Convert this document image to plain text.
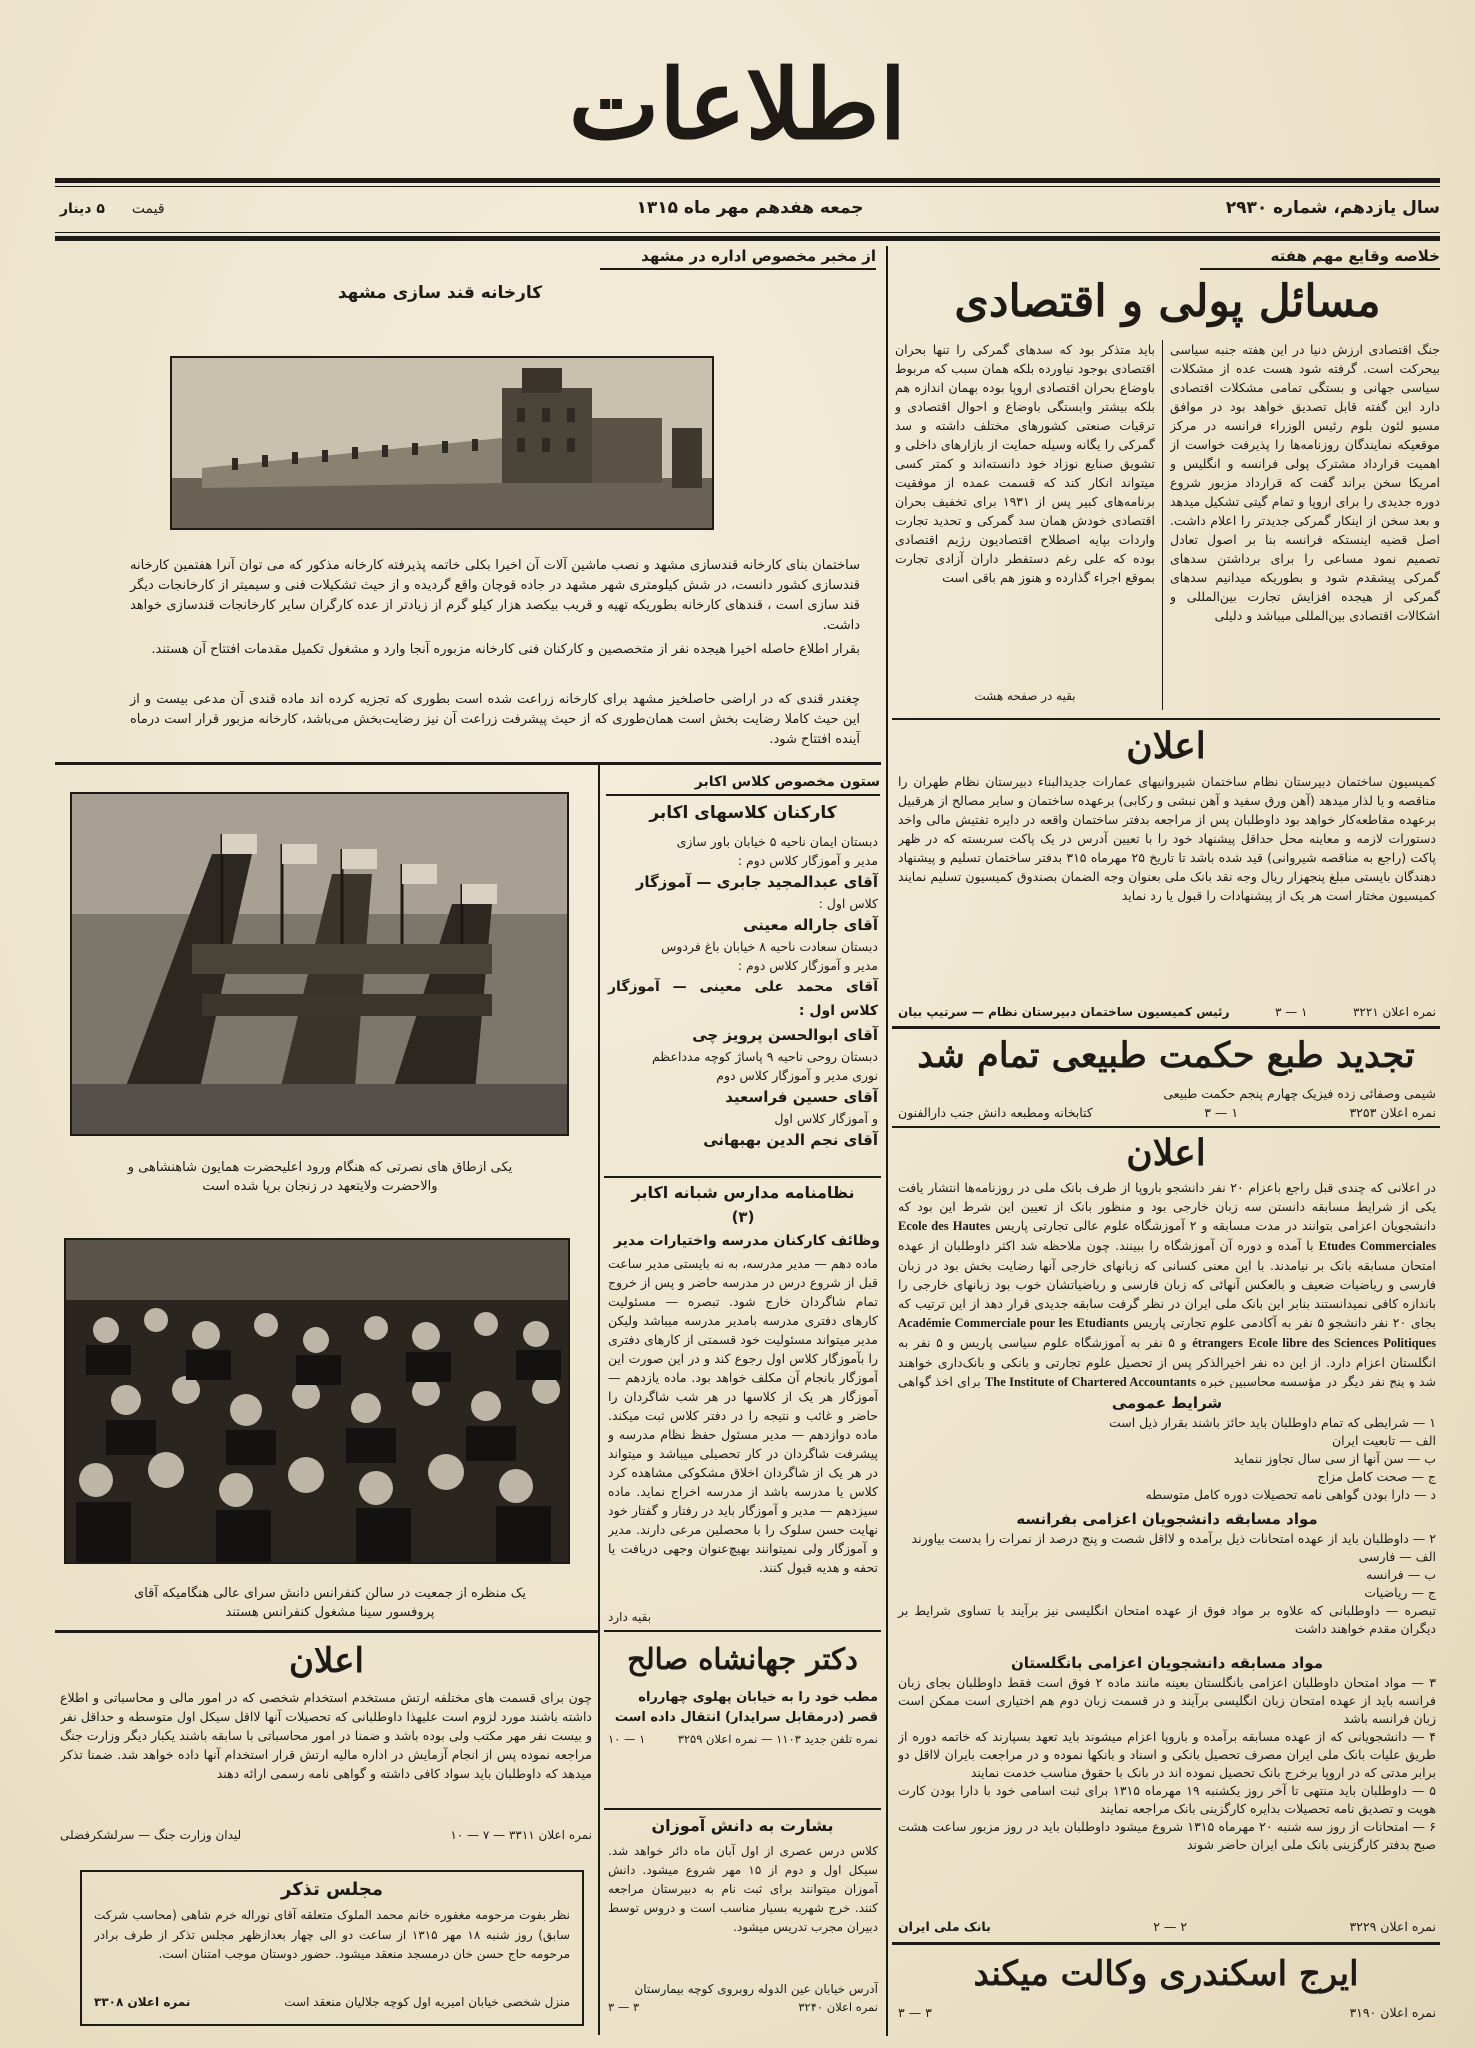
اطلاعات
سال یازدهم، شماره ۲۹۳۰
جمعه هفدهم مهر ماه ۱۳۱۵
قیمت  ۵ دینار
خلاصه وقایع مهم هفته
مسائل پولی و اقتصادی
جنگ اقتصادی ارزش دنیا در این هفته جنبه سیاسی بیحرکت است. گرفته شود هست عده از مشکلات سیاسی جهانی و بستگی تمامی مشکلات اقتصادی دارد این گفته قابل تصدیق خواهد بود در موافق مسیو لئون بلوم رئیس الوزراء فرانسه در مرکز موقعیکه نمایندگان روزنامه‌ها را پذیرفت خواست از اهمیت قرارداد مشترک پولی فرانسه و انگلیس و امریکا سخن براند گفت که قرارداد مزبور شروع دوره جدیدی را برای اروپا و تمام گیتی تشکیل میدهد و بعد سخن از اینکار گمرکی جدیدتر را اعلام داشت. اصل قضیه اینستکه فرانسه بنا بر اصول تعادل تصمیم نمود مساعی را برای برداشتن سدهای گمرکی پیشقدم شود و بطوریکه میدانیم سدهای گمرکی از هیجده افزایش تجارت بین‌المللی و اشکالات اقتصادی بین‌المللی میباشد و دلیلی
باید متذکر بود که سدهای گمرکی را تنها بحران اقتصادی بوجود نیاورده بلکه همان سبب که مربوط باوضاع بحران اقتصادی اروپا بوده بهمان اندازه هم بلکه بیشتر وابستگی باوضاع و احوال اقتصادی و ترقیات صنعتی کشورهای مختلف داشته و سد گمرکی را یگانه وسیله حمایت از بازارهای داخلی و تشویق صنایع نوزاد خود دانسته‌اند و کمتر کسی میتواند انکار کند که قسمت عمده از موفقیت برنامه‌های کبیر پس از ۱۹۳۱ برای تخفیف بحران اقتصادی خودش همان سد گمرکی و تحدید تجارت واردات بپایه اصطلاح اقتصادیون رژیم اقتصادی بوده که علی رغم دستفطر داران آزادی تجارت بموقع اجراء گذارده و هنوز هم باقی است
بقیه در صفحه هشت
اعلان
کمیسیون ساختمان دبیرستان نظام ساختمان شیروانیهای عمارات جدیدالبناء دبیرستان نظام طهران را مناقصه و یا لذار میدهد (آهن ورق سفید و آهن نبشی و رکابی) برعهده ساختمان و سایر مصالح از هرقبیل برعهده مقاطعه‌کار خواهد بود داوطلبان پس از مراجعه بدفتر ساختمان واقعه در دایره تفتیش مالی واخد دستورات لازمه و معاینه محل حداقل پیشنهاد خود را با تعیین آدرس در یک پاکت سربسته که در ظهر پاکت (راجع به مناقصه شیروانی) قید شده باشد تا تاریخ ۲۵ مهرماه ۳۱۵ بدفتر ساختمان تسلیم و پیشنهاد دهندگان بایستی مبلغ پنجهزار ریال وجه نقد بانک ملی بعنوان وجه الضمان بصندوق کمیسیون تسلیم نمایند کمیسیون مختار است هر یک از پیشنهادات را قبول یا رد نماید
نمره اعلان ۳۲۲۱
۱ — ۳
رئیس کمیسیون ساختمان دبیرستان نظام — سرتیپ بیان
تجدید طبع حکمت طبیعی تمام شد
شیمی وصفائی زده فیزیک چهارم پنجم حکمت طبیعی
نمره اعلان ۳۲۵۳
۱ — ۳
کتابخانه ومطبعه دانش جنب دارالفنون
اعلان
در اعلانی که چندی قبل راجع باعزام ۲۰ نفر دانشجو باروپا از طرف بانک ملی در روزنامه‌ها انتشار یافت یکی از شرایط مسابقه دانستن سه زبان خارجی بود و منظور بانک از تعیین این شرط این بود که دانشجویان اعزامی بتوانند در مدت مسابقه و ۲ آموزشگاه علوم عالی تجارتی پاریس Ecole des Hautes Etudes Commerciales با آمده و دوره آن آموزشگاه را ببینند. چون ملاحظه شد اکثر داوطلبان از عهده امتحان مسابقه بانک بر نیامدند. با این معنی کسانی که زبانهای خارجی آنها رضایت بخش بود در زبان فارسی و ریاضیات ضعیف و بالعکس آنهائی که زبان فارسی و ریاضیاتشان خوب بود زبانهای خارجی را باندازه کافی نمیدانستند بنابر این بانک ملی ایران در نظر گرفت سابقه جدیدی قرار دهد از این ترتیب که بجای ۲۰ نفر دانشجو ۵ نفر به آکادمی علوم تجارتی پاریس Académie Commerciale pour les Etudiants étrangers Ecole libre des Sciences Politiques و ۵ نفر به آموزشگاه علوم سیاسی پاریس و ۵ نفر به انگلستان اعزام دارد. از این ده نفر اخیرالذکر پس از تحصیل علوم تجارتی و بانکی و بانک‌داری خواهند شد و پنج نفر دیگر در مؤسسه محاسبین خبره The Institute of Chartered Accountants برای اخذ گواهی
شرایط عمومی

۱ — شرایطی که تمام داوطلبان باید حائز باشند بقرار ذیل است

الف — تابعیت ایران

ب — سن آنها از سی سال تجاوز ننماید

ج — صحت کامل مزاج

د — دارا بودن گواهی نامه تحصیلات دوره کامل متوسطه

مواد مسابقه دانشجویان اعزامی بفرانسه

۲ — داوطلبان باید از عهده امتحانات ذیل برآمده و لااقل شصت و پنج درصد از نمرات را بدست بیاورند

الف — فارسی

ب — فرانسه

ج — ریاضیات

تبصره — داوطلبانی که علاوه بر مواد فوق از عهده امتحان انگلیسی نیز برآیند با تساوی شرایط بر دیگران مقدم خواهند داشت

مواد مسابقه دانشجویان اعزامی بانگلستان

۳ — مواد امتحان داوطلبان اعزامی بانگلستان بعینه مانند ماده ۲ فوق است فقط داوطلبان بجای زبان فرانسه باید از عهده امتحان زبان انگلیسی برآیند و در قسمت زبان دوم هم اختیاری است ممکن است زبان فرانسه باشد

۴ — دانشجویانی که از عهده مسابقه برآمده و باروپا اعزام میشوند باید تعهد بسپارند که خاتمه دوره از طریق علیات بانک ملی ایران مصرف تحصیل بانکی و اسناد و بانکها نموده و در مراجعت بایران لااقل دو برابر مدتی که در اروپا برخرج بانک تحصیل نموده اند در بانک با حقوق مناسب خدمت نمایند

۵ — داوطلبان باید منتهی تا آخر روز یکشنبه ۱۹ مهرماه ۱۳۱۵ برای ثبت اسامی خود با دارا بودن کارت هویت و تصدیق نامه تحصیلات بدایره کارگزینی بانک مراجعه نمایند

۶ — امتحانات از روز سه شنبه ۲۰ مهرماه ۱۳۱۵ شروع میشود داوطلبان باید در روز مزبور ساعت هشت صبح بدفتر کارگزینی بانک ملی ایران حاضر شوند

نمره اعلان ۳۲۲۹
۲ — ۲
بانک ملی ایران
ایرج اسکندری وکالت میکند
نمره اعلان ۳۱۹۰
۳ — ۳
از مخبر مخصوص اداره در مشهد
کارخانه قند سازی مشهد
ساختمان بنای کارخانه قندسازی مشهد و نصب ماشین آلات آن اخیرا بکلی خاتمه پذیرفته کارخانه مذکور که می توان آنرا هفتمین کارخانه قندسازی کشور دانست، در شش کیلومتری شهر مشهد در جاده قوچان واقع گردیده و از حیث تشکیلات فنی و سیمیتر از کارخانجات دیگر قند سازی است ، قندهای کارخانه بطوریکه تهیه و قریب بیکصد هزار کیلو گرم از زیادتر از عده کارگران سایر کارخانجات قندسازی خواهد داشت.
بقرار اطلاع حاصله اخیرا هیجده نفر از متخصصین و کارکنان فنی کارخانه مزبوره آنجا وارد و مشغول تکمیل مقدمات افتتاح آن هستند.
چغندر قندی که در اراضی حاصلخیز مشهد برای کارخانه زراعت شده است بطوری که تجزیه کرده اند ماده قندی آن مدعی بیست و از این حیث کاملا رضایت بخش است همان‌طوری که از حیث پیشرفت زراعت آن نیز رضایت‌بخش می‌باشد، کارخانه مزبور قرار است درماه آینده افتتاح شود.
ستون مخصوص کلاس اکابر
کارکنان کلاسهای اکابر

دبستان ایمان ناحیه ۵ خیابان باور سازی

مدیر و آموزگار کلاس دوم :

آقای عبدالمجید جابری — آموزگار

کلاس اول :

آقای جاراله معینی

دبستان سعادت ناحیه ۸ خیابان باغ فردوس

مدیر و آموزگار کلاس دوم :

آقای محمد علی معینی — آموزگار کلاس اول :

آقای ابوالحسن پرویز چی

دبستان روحی ناحیه ۹ پاساژ کوچه مدداعظم

نوری مدیر و آموزگار کلاس دوم

آقای حسین فراسعید

و آموزگار کلاس اول

آقای نجم الدین بهبهانی

نظامنامه مدارس شبانه اکابر
(۳)
وظائف کارکنان مدرسه واختیارات مدیر
ماده دهم — مدیر مدرسه، به نه بایستی مدیر ساعت قبل از شروع درس در مدرسه حاضر و پس از خروج تمام شاگردان خارج شود. تبصره — مسئولیت کارهای دفتری مدرسه بامدیر مدرسه میباشد ولیکن مدیر میتواند مسئولیت خود قسمتی از کارهای دفتری را بآموزگار کلاس اول رجوع کند و در این صورت این آموزگار بانجام آن مکلف خواهد بود. ماده یازدهم — آموزگار هر یک از کلاسها در هر شب شاگردان را حاضر و غائب و نتیجه را در دفتر کلاس ثبت میکند. ماده دوازدهم — مدیر مسئول حفظ نظام مدرسه و پیشرفت شاگردان در کار تحصیلی میباشد و میتواند در هر یک از شاگردان اخلاق مشکوکی مشاهده کرد کلاس یا مدرسه باشد از مدرسه اخراج نماید. ماده سیزدهم — مدیر و آموزگار باید در رفتار و گفتار خود نهایت حسن سلوک را با محصلین مرعی دارند. مدیر و آموزگار ولی نمیتوانند بهیچ‌عنوان وجهی دریافت یا تحفه و هدیه قبول کنند.
بقیه دارد
یکی ازطاق های نصرتی که هنگام ورود اعلیحضرت همایون شاهنشاهی و والاحضرت ولایتعهد در زنجان برپا شده است
یک منظره از جمعیت در سالن کنفرانس دانش سرای عالی هنگامیکه آقای پروفسور سینا مشغول کنفرانس هستند
اعلان
چون برای قسمت های مختلفه ارتش مستخدم استخدام شخصی که در امور مالی و محاسباتی و اطلاع داشته باشند مورد لزوم است علیهذا داوطلبانی که تحصیلات آنها لااقل سیکل اول متوسطه و حداقل نفر و بیست نفر مهر مکتب ولی بوده باشد و ضمنا در امور محاسباتی با سابقه باشند یکبار دیگر وزارت جنگ مراجعه نموده پس از انجام آزمایش در اداره مالیه ارتش قرار استخدام آنها داده خواهد شد. ضمنا تذکر میدهد که داوطلبان باید سواد کافی داشته و گواهی نامه رسمی ارائه دهند
نمره اعلان ۳۳۱۱ — ۷ — ۱۰
لیدان وزارت جنگ — سرلشکرفضلی
دکتر جهانشاه صالح
مطب خود را به خیابان پهلوی چهارراه
قصر (درمقابل سرایدار) انتقال داده است
نمره تلفن جدید ۱۱۰۳ — نمره اعلان ۳۲۵۹
۱ — ۱۰
بشارت به دانش آموزان
کلاس درس عصری از اول آبان ماه دائر خواهد شد. سیکل اول و دوم از ۱۵ مهر شروع میشود. دانش آموزان میتوانند برای ثبت نام به دبیرستان مراجعه کنند. خرج شهریه بسیار مناسب است و دروس توسط دبیران مجرب تدریس میشود.
آدرس خیابان عین الدوله روبروی کوچه بیمارستان
نمره اعلان ۳۲۴۰
۳ — ۳
مجلس تذکر
نظر بفوت مرحومه مغفوره خانم محمد الملوک متعلقه آقای نوراله خرم شاهی (محاسب شرکت سابق) روز شنبه ۱۸ مهر ۱۳۱۵ از ساعت دو الی چهار بعدازظهر مجلس تذکر از طرف برادر مرحومه حاج حسن خان درمسجد منعقد میشود. حضور دوستان موجب امتنان است.
منزل شخصی خیابان امیریه اول کوچه جلالیان منعقد است
نمره اعلان ۳۳۰۸
